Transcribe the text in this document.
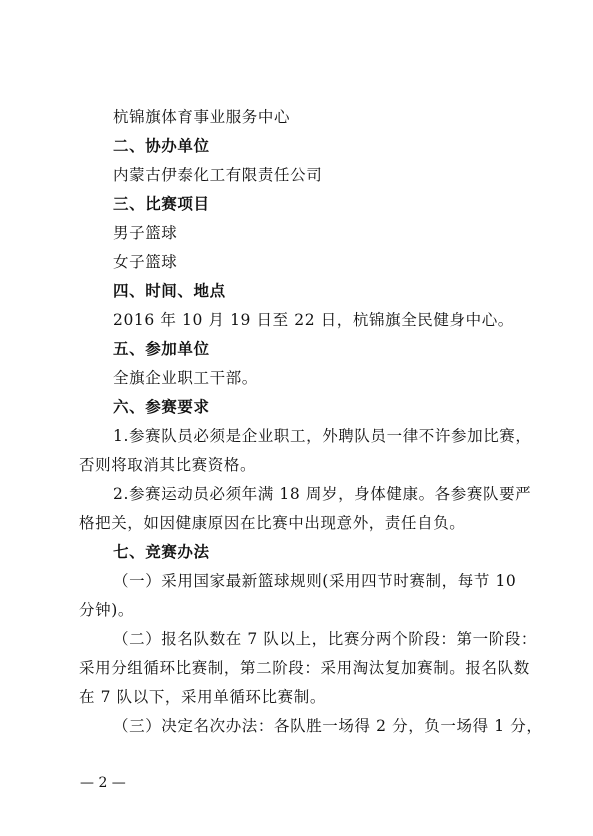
杭锦旗体育事业服务中心
二、协办单位
内蒙古伊泰化工有限责任公司
三、比赛项目
男子篮球
女子篮球
四、时间、地点
2016 年 10 月 19 日至 22 日，杭锦旗全民健身中心。
五、参加单位
全旗企业职工干部。
六、参赛要求
1.参赛队员必须是企业职工，外聘队员一律不许参加比赛，
否则将取消其比赛资格。
2.参赛运动员必须年满 18 周岁，身体健康。各参赛队要严
格把关，如因健康原因在比赛中出现意外，责任自负。
七、竞赛办法
（一）采用国家最新篮球规则(采用四节时赛制，每节 10
分钟)。
（二）报名队数在 7 队以上，比赛分两个阶段：第一阶段：
采用分组循环比赛制，第二阶段：采用淘汰复加赛制。报名队数
在 7 队以下，采用单循环比赛制。
（三）决定名次办法：各队胜一场得 2 分，负一场得 1 分，
— 2 —
